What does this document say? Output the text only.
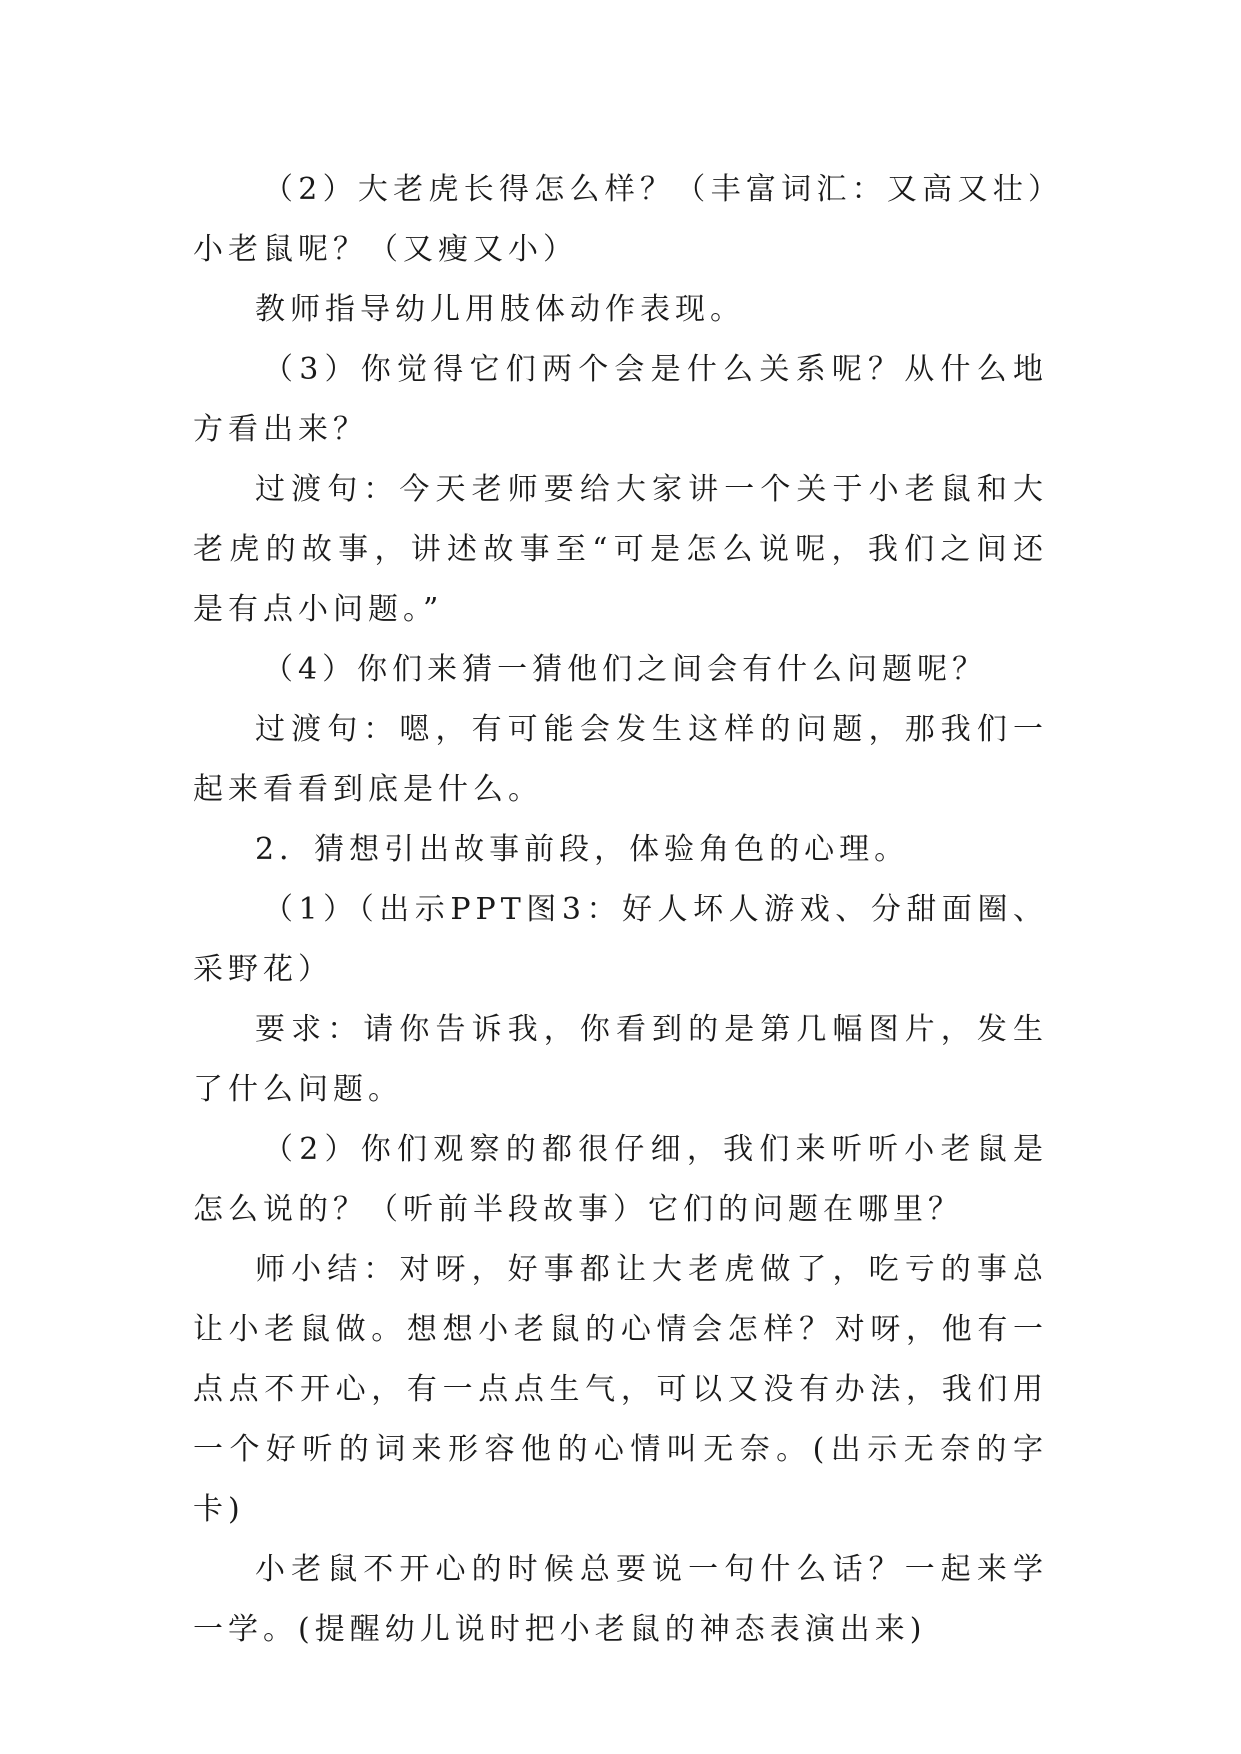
（2）大老虎长得怎么样？（丰富词汇：又高又壮）小老鼠呢？（又瘦又小）

教师指导幼儿用肢体动作表现。

（3）你觉得它们两个会是什么关系呢？从什么地方看出来？

过渡句：今天老师要给大家讲一个关于小老鼠和大老虎的故事，讲述故事至“可是怎么说呢，我们之间还是有点小问题。”

（4）你们来猜一猜他们之间会有什么问题呢？

过渡句：嗯，有可能会发生这样的问题，那我们一起来看看到底是什么。

2．猜想引出故事前段，体验角色的心理。

（1）（出示PPT图3：好人坏人游戏、分甜面圈、采野花）

要求：请你告诉我，你看到的是第几幅图片，发生了什么问题。

（2）你们观察的都很仔细，我们来听听小老鼠是怎么说的？（听前半段故事）它们的问题在哪里？

师小结：对呀，好事都让大老虎做了，吃亏的事总让小老鼠做。想想小老鼠的心情会怎样？对呀，他有一点点不开心，有一点点生气，可以又没有办法，我们用一个好听的词来形容他的心情叫无奈。(出示无奈的字卡)

小老鼠不开心的时候总要说一句什么话？一起来学一学。(提醒幼儿说时把小老鼠的神态表演出来)
